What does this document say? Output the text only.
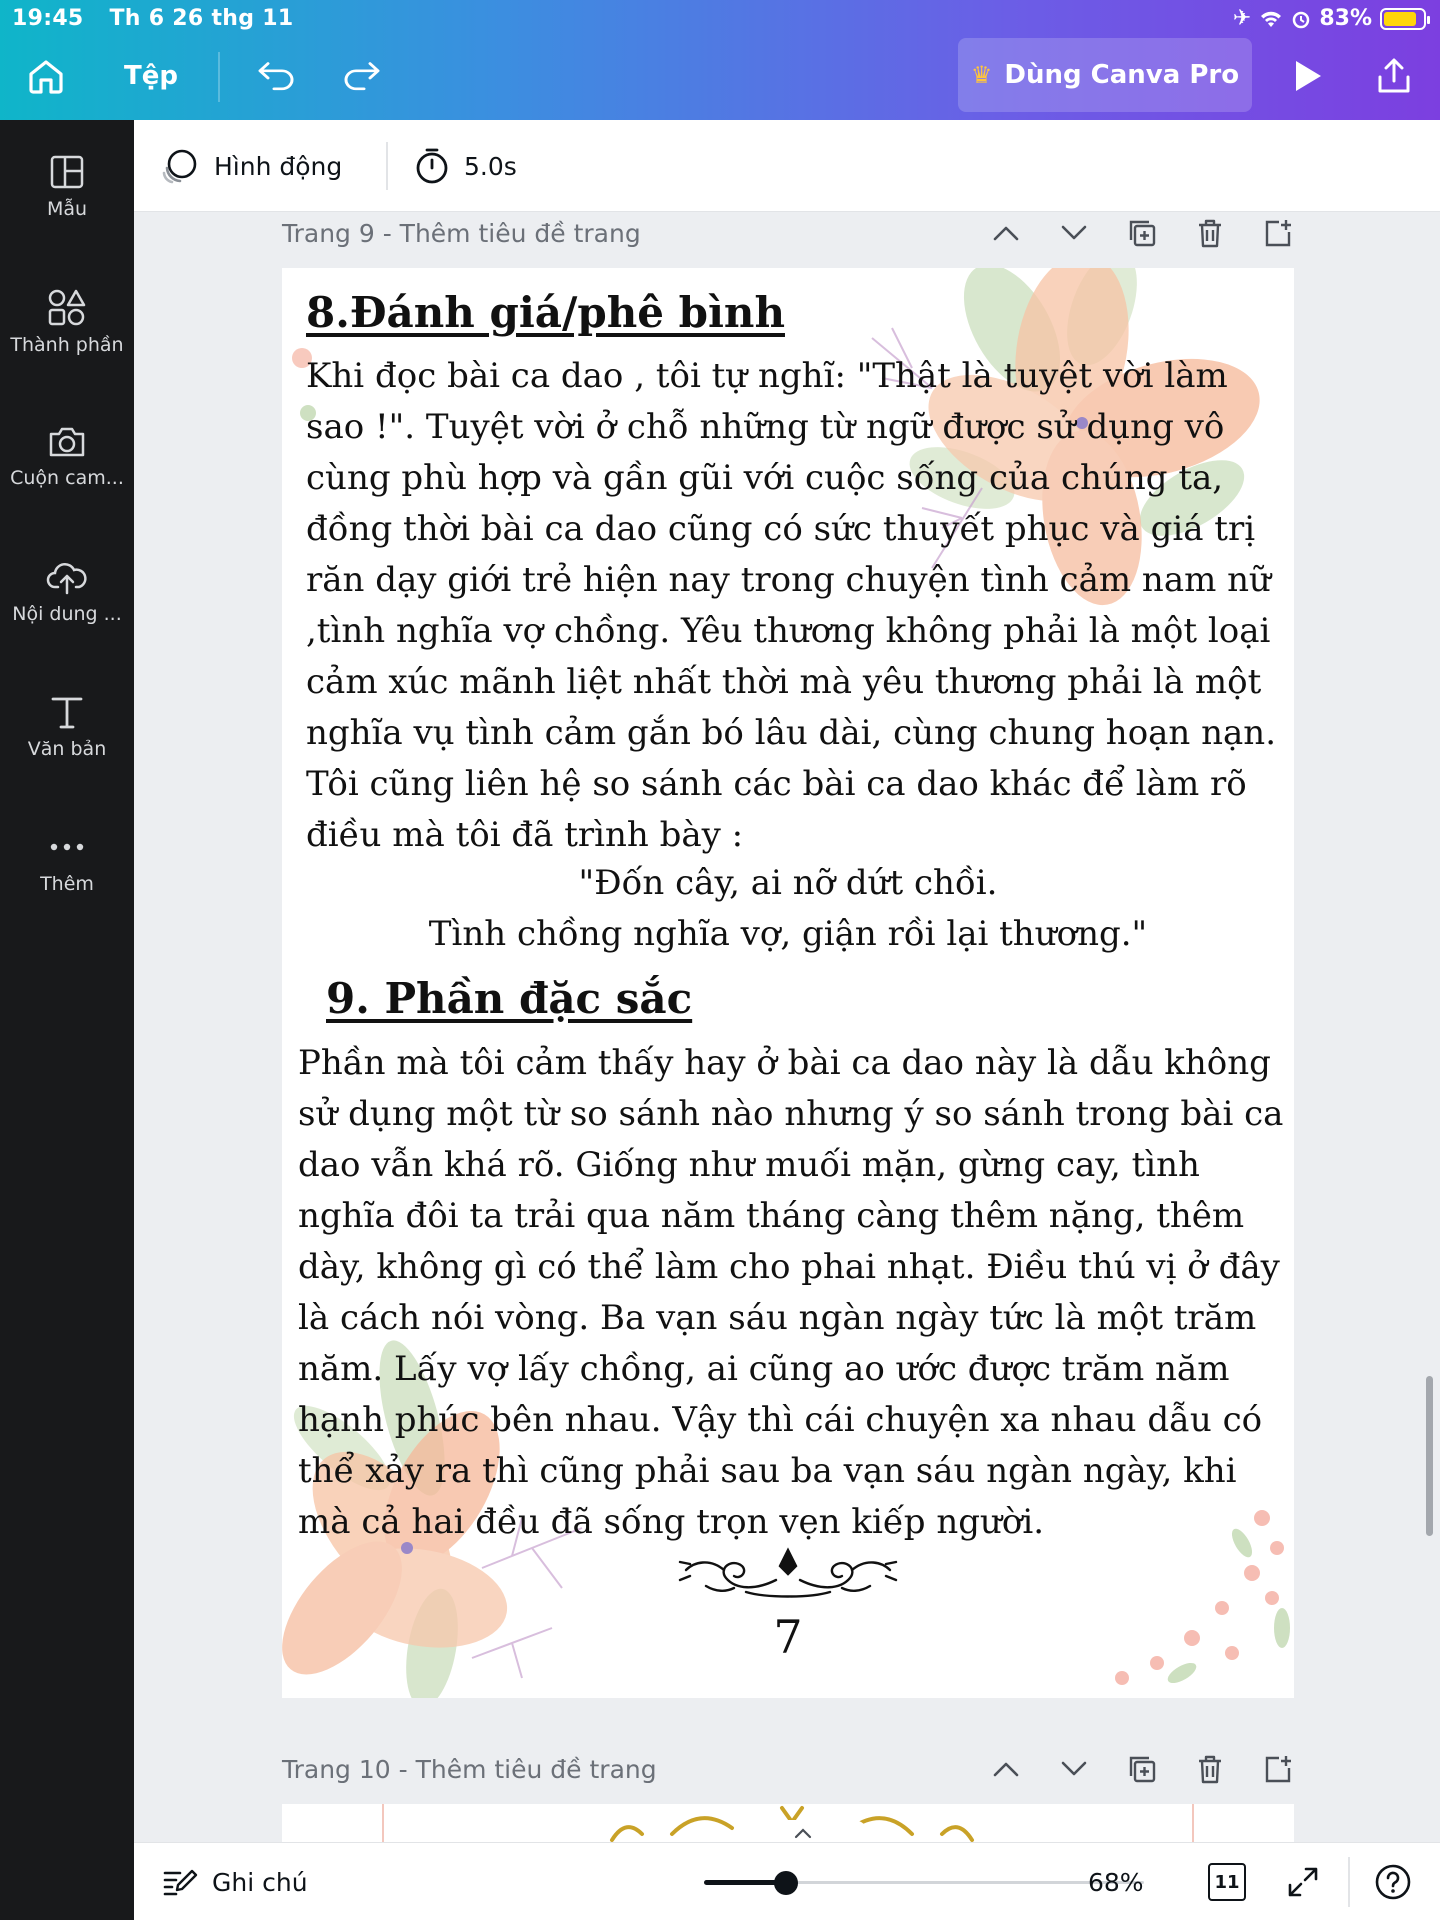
19:45 Th 6 26 thg 11	✈	83%
Tệp	♛ Dùng Canva Pro
Mẫu
Thành phần
Cuộn cam...
Nội dung ...
Văn bản
Thêm
Hình động	5.0s
Trang 9 - Thêm tiêu đề trang
8.Đánh giá/phê bình
Khi đọc bài ca dao , tôi tự nghĩ: "Thật là tuyệt vời làm sao !". Tuyệt vời ở chỗ những từ ngữ được sử dụng vô cùng phù hợp và gần gũi với cuộc sống của chúng ta, đồng thời bài ca dao cũng có sức thuyết phục và giá trị răn dạy giới trẻ hiện nay trong chuyện tình cảm nam nữ ,tình nghĩa vợ chồng. Yêu thương không phải là một loại cảm xúc mãnh liệt nhất thời mà yêu thương phải là một nghĩa vụ tình cảm gắn bó lâu dài, cùng chung hoạn nạn. Tôi cũng liên hệ so sánh các bài ca dao khác để làm rõ điều mà tôi đã trình bày :
"Đốn cây, ai nỡ dứt chồi.
Tình chồng nghĩa vợ, giận rồi lại thương."
9. Phần đặc sắc
Phần mà tôi cảm thấy hay ở bài ca dao này là dẫu không sử dụng một từ so sánh nào nhưng ý so sánh trong bài ca dao vẫn khá rõ. Giống như muối mặn, gừng cay, tình nghĩa đôi ta trải qua năm tháng càng thêm nặng, thêm dày, không gì có thể làm cho phai nhạt. Điều thú vị ở đây là cách nói vòng. Ba vạn sáu ngàn ngày tức là một trăm năm. Lấy vợ lấy chồng, ai cũng ao ước được trăm năm hạnh phúc bên nhau. Vậy thì cái chuyện xa nhau dẫu có thể xảy ra thì cũng phải sau ba vạn sáu ngàn ngày, khi mà cả hai đều đã sống trọn vẹn kiếp người.
7
Trang 10 - Thêm tiêu đề trang
Ghi chú	68%	11
